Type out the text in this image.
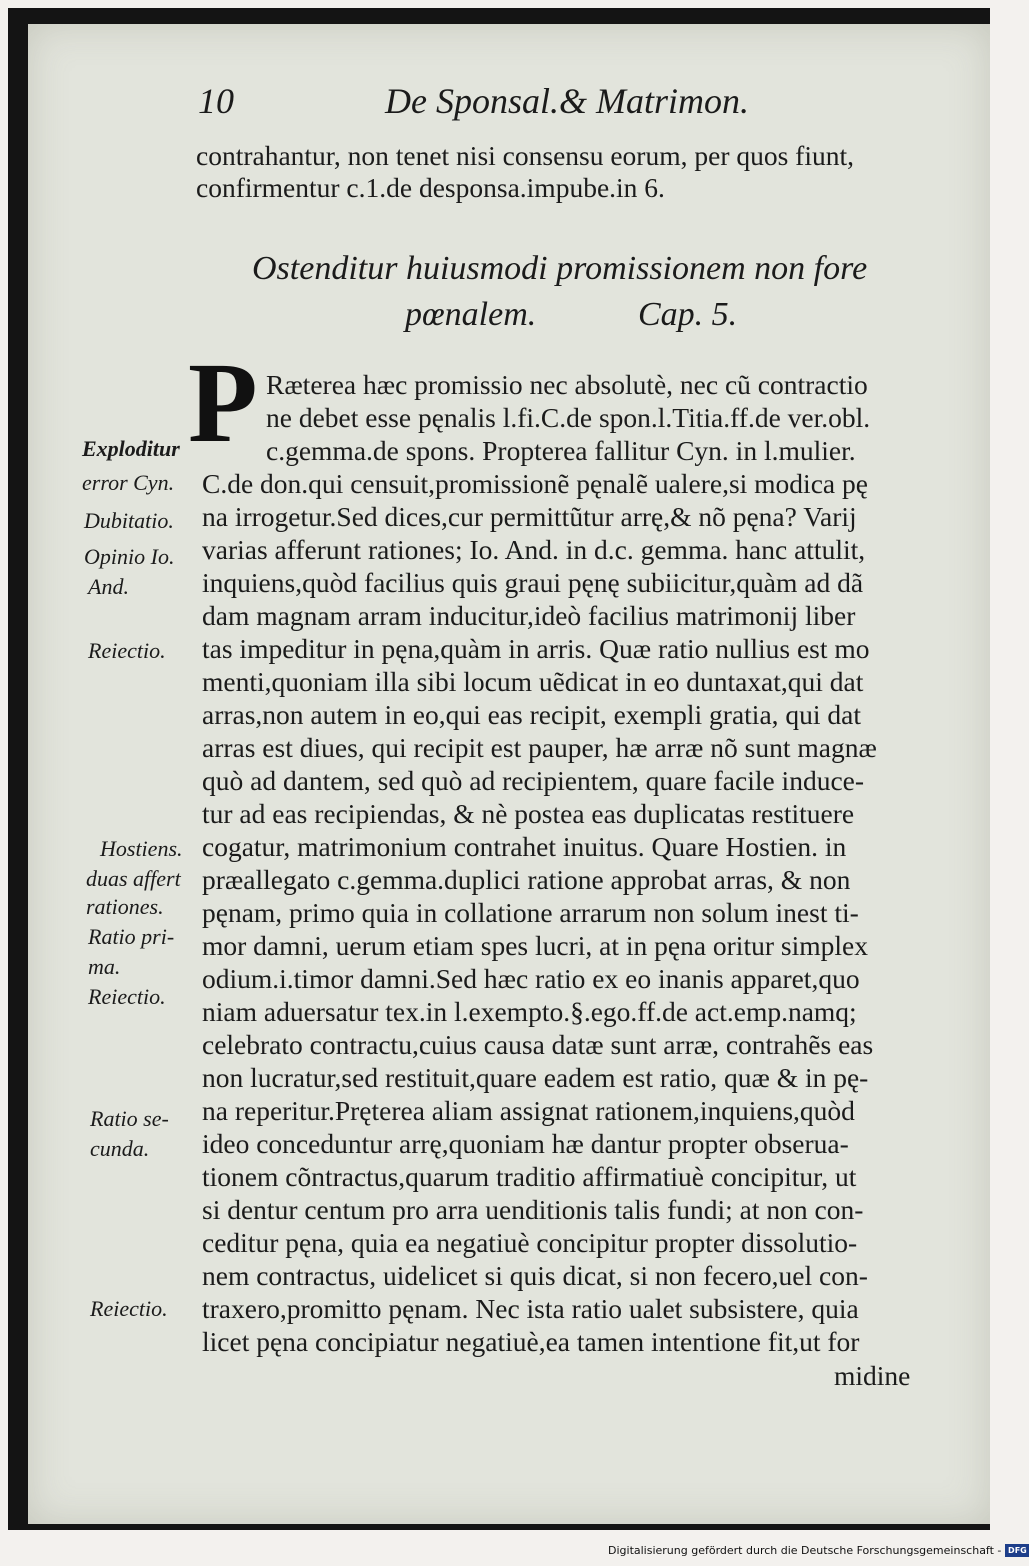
10	De Sponsal.& Matrimon.
contrahantur, non tenet nisi consensu eorum, per quos fiunt,
confirmentur c.1.de desponsa.impube.in 6.
Ostenditur huiusmodi promissionem non fore
pœnalem.	Cap. 5.
P Ræterea hæc promissio nec absolutè, nec cũ contractio
ne debet esse pęnalis l.fi.C.de spon.l.Titia.ff.de ver.obl.
c.gemma.de spons. Propterea fallitur Cyn. in l.mulier.
C.de don.qui censuit,promissionẽ pęnalẽ ualere,si modica pę
na irrogetur.Sed dices,cur permittũtur arrę,& nõ pęna? Varij
varias afferunt rationes; Io. And. in d.c. gemma. hanc attulit,
inquiens,quòd facilius quis graui pęnę subiicitur,quàm ad dã
dam magnam arram inducitur,ideò facilius matrimonij liber
tas impeditur in pęna,quàm in arris. Quæ ratio nullius est mo
menti,quoniam illa sibi locum uẽdicat in eo duntaxat,qui dat
arras,non autem in eo,qui eas recipit, exempli gratia, qui dat
arras est diues, qui recipit est pauper, hæ arræ nõ sunt magnæ
quò ad dantem, sed quò ad recipientem, quare facile induce-
tur ad eas recipiendas, & nè postea eas duplicatas restituere
cogatur, matrimonium contrahet inuitus. Quare Hostien. in
præallegato c.gemma.duplici ratione approbat arras, & non
pęnam, primo quia in collatione arrarum non solum inest ti-
mor damni, uerum etiam spes lucri, at in pęna oritur simplex
odium.i.timor damni.Sed hæc ratio ex eo inanis apparet,quo
niam aduersatur tex.in l.exempto.§.ego.ff.de act.emp.namq;
celebrato contractu,cuius causa datæ sunt arræ, contrahẽs eas
non lucratur,sed restituit,quare eadem est ratio, quæ & in pę-
na reperitur.Pręterea aliam assignat rationem,inquiens,quòd
ideo conceduntur arrę,quoniam hæ dantur propter obserua-
tionem cõntractus,quarum traditio affirmatiuè concipitur, ut
si dentur centum pro arra uenditionis talis fundi; at non con-
ceditur pęna, quia ea negatiuè concipitur propter dissolutio-
nem contractus, uidelicet si quis dicat, si non fecero,uel con-
traxero,promitto pęnam. Nec ista ratio ualet subsistere, quia
licet pęna concipiatur negatiuè,ea tamen intentione fit,ut for
midine
Exploditur
error Cyn.
Dubitatio.
Opinio Io.
And.
Reiectio.
Hostiens.
duas affert
rationes.
Ratio pri-
ma.
Reiectio.
Ratio se-
cunda.
Reiectio.
Digitalisierung gefördert durch die Deutsche Forschungsgemeinschaft - DFG
